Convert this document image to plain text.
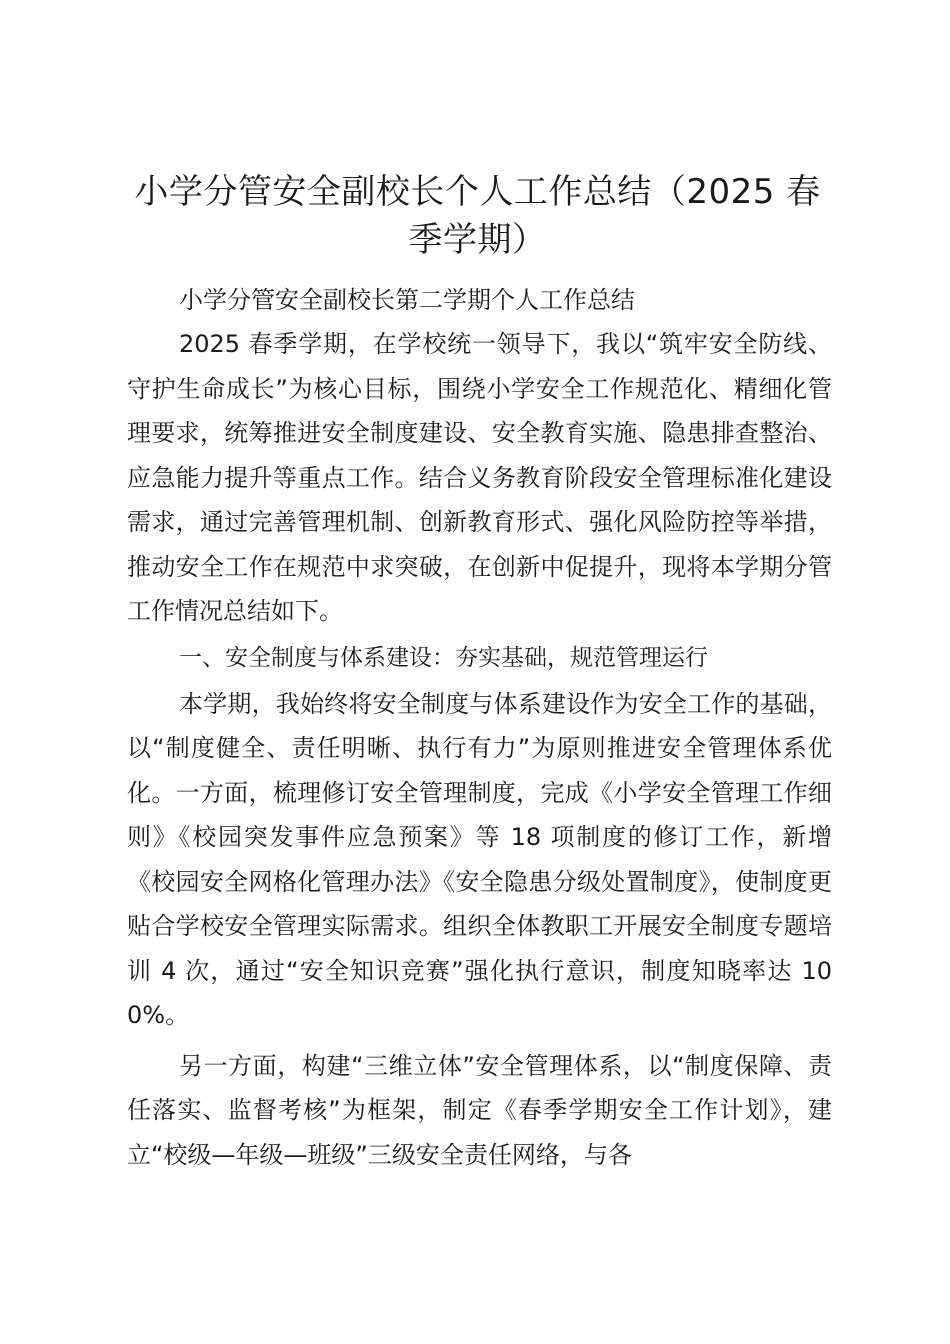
小学分管安全副校长个人工作总结（2025 春季学期）

小学分管安全副校长第二学期个人工作总结

2025 春季学期，在学校统一领导下，我以“筑牢安全防线、守护生命成长”为核心目标，围绕小学安全工作规范化、精细化管理要求，统筹推进安全制度建设、安全教育实施、隐患排查整治、应急能力提升等重点工作。结合义务教育阶段安全管理标准化建设需求，通过完善管理机制、创新教育形式、强化风险防控等举措，推动安全工作在规范中求突破，在创新中促提升，现将本学期分管工作情况总结如下。

一、安全制度与体系建设：夯实基础，规范管理运行

本学期，我始终将安全制度与体系建设作为安全工作的基础，以“制度健全、责任明晰、执行有力”为原则推进安全管理体系优化。一方面，梳理修订安全管理制度，完成《小学安全管理工作细则》《校园突发事件应急预案》等 18 项制度的修订工作，新增《校园安全网格化管理办法》《安全隐患分级处置制度》，使制度更贴合学校安全管理实际需求。组织全体教职工开展安全制度专题培训 4 次，通过“安全知识竞赛”强化执行意识，制度知晓率达 100%。

另一方面，构建“三维立体”安全管理体系，以“制度保障、责任落实、监督考核”为框架，制定《春季学期安全工作计划》，建立“校级—年级—班级”三级安全责任网络，与各
